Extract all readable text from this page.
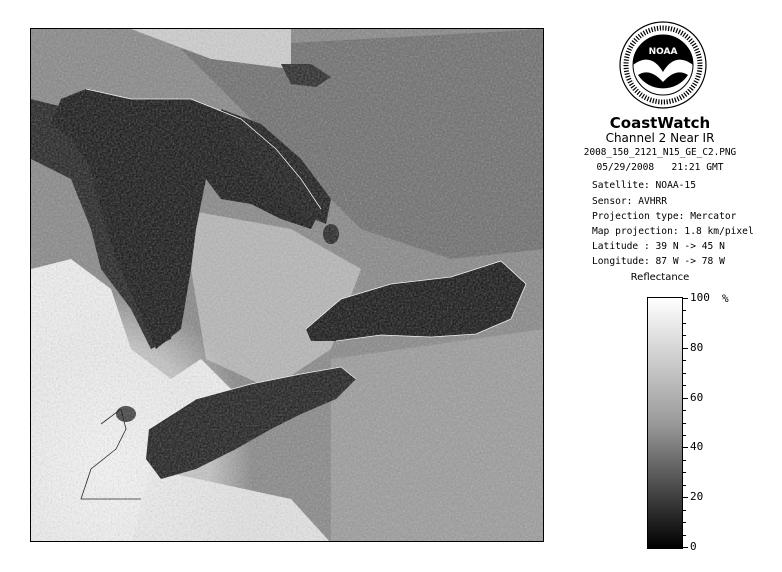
NOAA
CoastWatch
Channel 2 Near IR
2008_150_2121_N15_GE_C2.PNG
05/29/2008   21:21 GMT
Satellite: NOAA-15
Sensor: AVHRR
Projection type: Mercator
Map projection: 1.8 km/pixel
Latitude : 39 N -> 45 N
Longitude: 87 W -> 78 W
Reflectance
%
100
80
60
40
20
0
